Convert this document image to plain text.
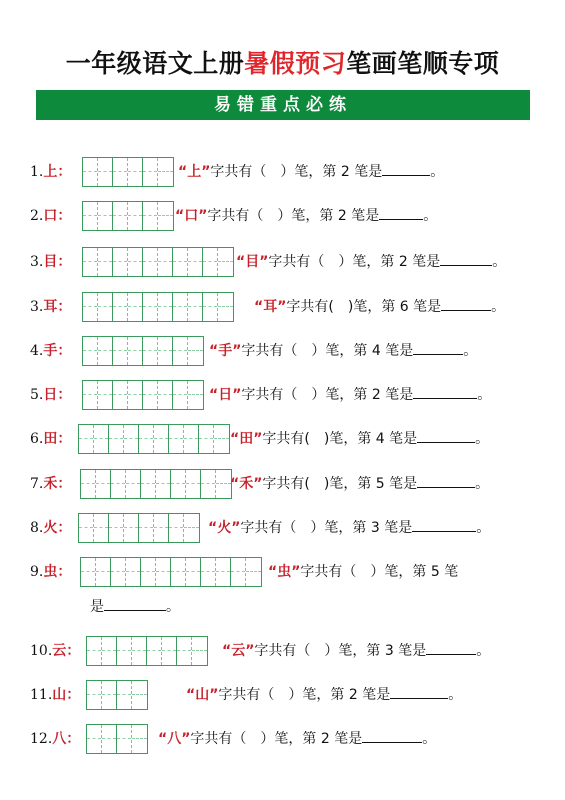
一年级语文上册暑假预习笔画笔顺专项
易错重点必练
1.上：	“上”字共有（ ）笔，第 2 笔是	。
2.口：	“口”字共有（ ）笔，第 2 笔是	。
3.目：	“目”字共有（ ）笔，第 2 笔是	。
3.耳：	“耳”字共有( )笔，第 6 笔是	。
4.手：	“手”字共有（ ）笔，第 4 笔是	。
5.日：	“日”字共有（ ）笔，第 2 笔是	。
6.田：	“田”字共有( )笔，第 4 笔是	。
7.禾：	“禾”字共有( )笔，第 5 笔是	。
8.火：	“火”字共有（ ）笔，第 3 笔是	。
9.虫：	“虫”字共有（ ）笔，第 5 笔
是	。
10.云：	“云”字共有（ ）笔，第 3 笔是	。
11.山：	“山”字共有（ ）笔，第 2 笔是	。
12.八：	“八”字共有（ ）笔，第 2 笔是	。
